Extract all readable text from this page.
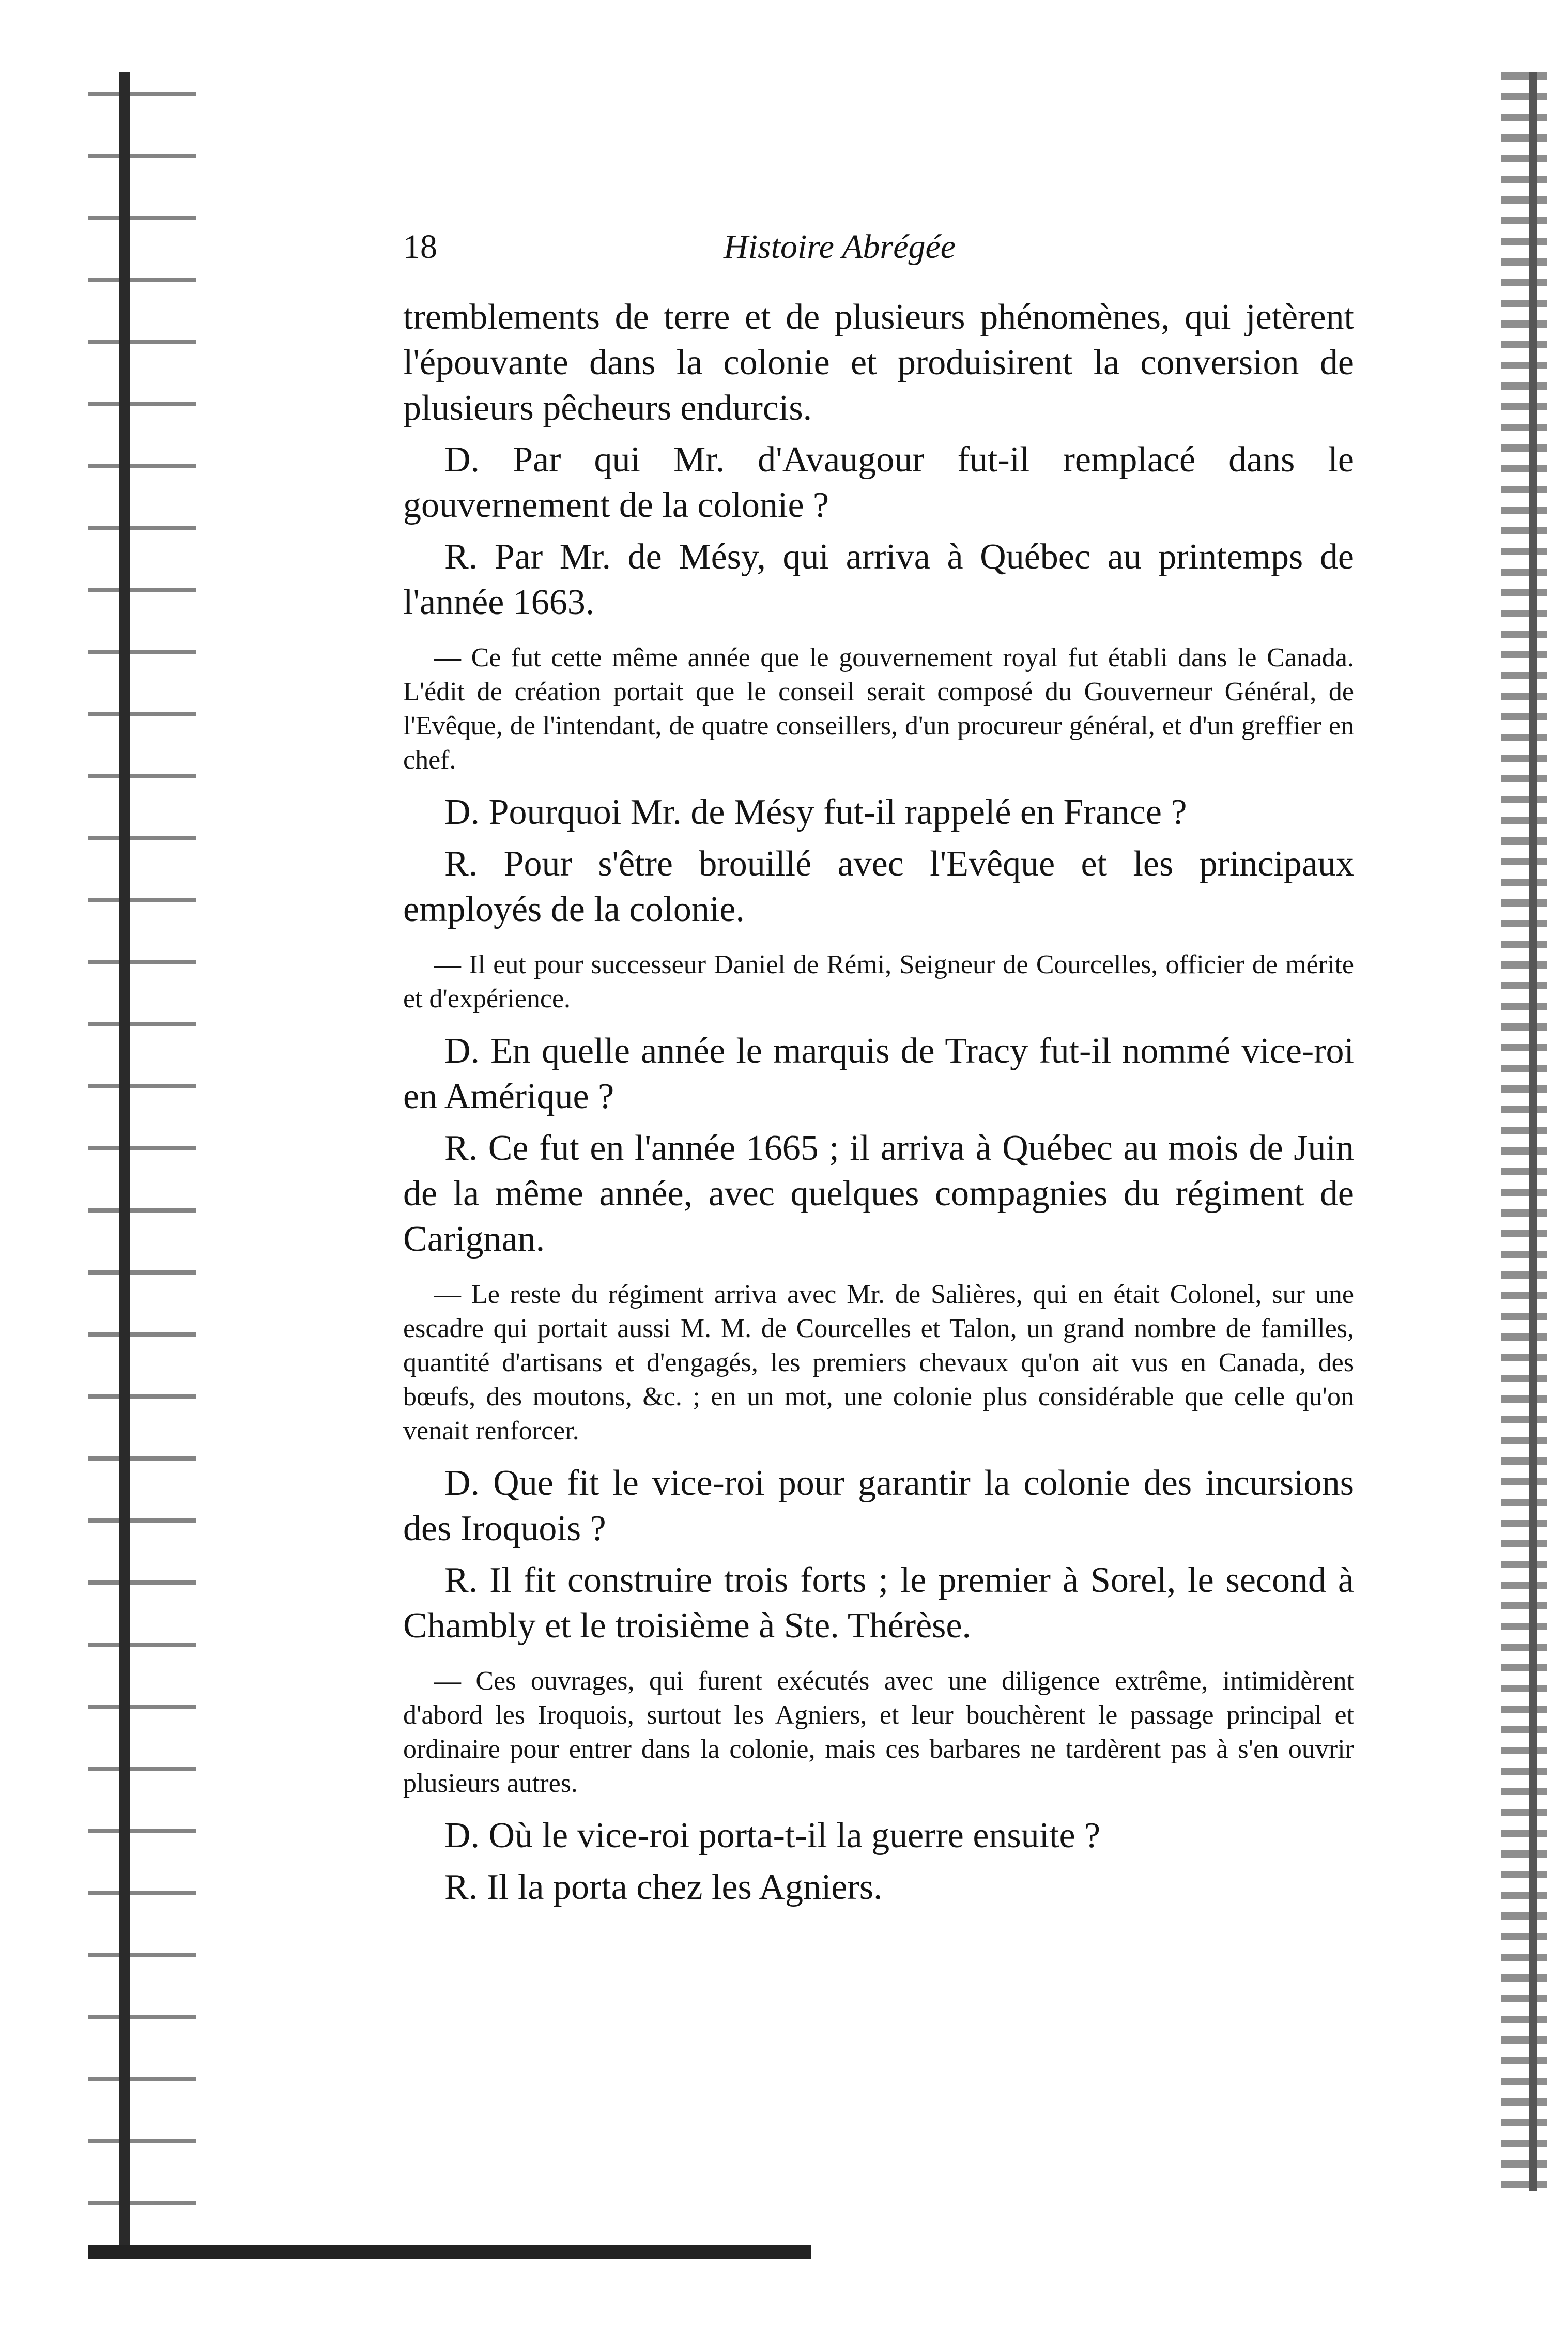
18	Histoire Abrégée

tremblements de terre et de plusieurs phénomènes, qui jetèrent l'épouvante dans la colonie et produisirent la conversion de plusieurs pêcheurs endurcis.

D. Par qui Mr. d'Avaugour fut-il remplacé dans le gouvernement de la colonie ?

R. Par Mr. de Mésy, qui arriva à Québec au printemps de l'année 1663.

— Ce fut cette même année que le gouvernement royal fut établi dans le Canada. L'édit de création portait que le conseil serait composé du Gouverneur Général, de l'Evêque, de l'intendant, de quatre conseillers, d'un procureur général, et d'un greffier en chef.

D. Pourquoi Mr. de Mésy fut-il rappelé en France ?

R. Pour s'être brouillé avec l'Evêque et les principaux employés de la colonie.

— Il eut pour successeur Daniel de Rémi, Seigneur de Courcelles, officier de mérite et d'expérience.

D. En quelle année le marquis de Tracy fut-il nommé vice-roi en Amérique ?

R. Ce fut en l'année 1665 ; il arriva à Québec au mois de Juin de la même année, avec quelques compagnies du régiment de Carignan.

— Le reste du régiment arriva avec Mr. de Salières, qui en était Colonel, sur une escadre qui portait aussi M. M. de Courcelles et Talon, un grand nombre de familles, quantité d'artisans et d'engagés, les premiers chevaux qu'on ait vus en Canada, des bœufs, des moutons, &c. ; en un mot, une colonie plus considérable que celle qu'on venait renforcer.

D. Que fit le vice-roi pour garantir la colonie des incursions des Iroquois ?

R. Il fit construire trois forts ; le premier à Sorel, le second à Chambly et le troisième à Ste. Thérèse.

— Ces ouvrages, qui furent exécutés avec une diligence extrême, intimidèrent d'abord les Iroquois, surtout les Agniers, et leur bouchèrent le passage principal et ordinaire pour entrer dans la colonie, mais ces barbares ne tardèrent pas à s'en ouvrir plusieurs autres.

D. Où le vice-roi porta-t-il la guerre ensuite ?

R. Il la porta chez les Agniers.
